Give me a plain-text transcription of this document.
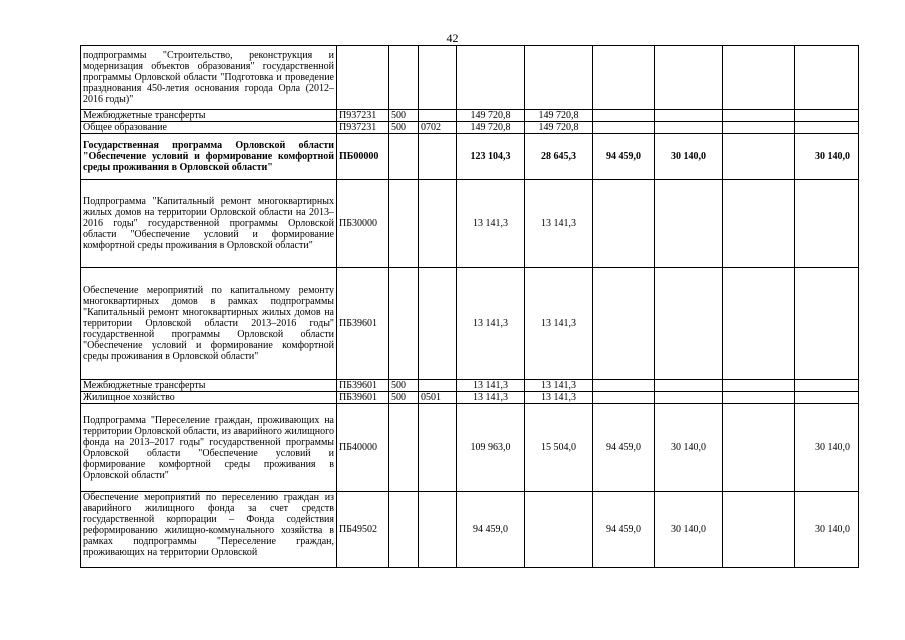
42
подпрограммы "Строительство, реконструкция и модернизация объектов образования" государственной программы Орловской области "Подготовка и проведение празднования 450-летия основания города Орла (2012–2016 годы)"									
Межбюджетные трансферты	П937231	500		149 720,8	149 720,8				
Общее образование	П937231	500	0702	149 720,8	149 720,8				
Государственная программа Орловской области "Обеспечение условий и формирование комфортной среды проживания в Орловской области"	ПБ00000			123 104,3	28 645,3	94 459,0	30 140,0		30 140,0
Подпрограмма "Капитальный ремонт многоквартирных жилых домов на территории Орловской области на 2013–2016 годы" государственной программы Орловской области "Обеспечение условий и формирование комфортной среды проживания в Орловской области"	ПБ30000			13 141,3	13 141,3				
Обеспечение мероприятий по капитальному ремонту многоквартирных домов в рамках подпрограммы "Капитальный ремонт многоквартирных жилых домов на территории Орловской области 2013–2016 годы" государственной программы Орловской области "Обеспечение условий и формирование комфортной среды проживания в Орловской области"	ПБ39601			13 141,3	13 141,3				
Межбюджетные трансферты	ПБ39601	500		13 141,3	13 141,3				
Жилищное хозяйство	ПБ39601	500	0501	13 141,3	13 141,3				
Подпрограмма "Переселение граждан, проживающих на территории Орловской области, из аварийного жилищного фонда на 2013–2017 годы" государственной программы Орловской области "Обеспечение условий и формирование комфортной среды проживания в Орловской области"	ПБ40000			109 963,0	15 504,0	94 459,0	30 140,0		30 140,0
Обеспечение мероприятий по переселению граждан из аварийного жилищного фонда за счет средств государственной корпорации – Фонда содействия реформированию жилищно-коммунального хозяйства в рамках подпрограммы "Переселение граждан, проживающих на территории Орловской	ПБ49502			94 459,0		94 459,0	30 140,0		30 140,0
